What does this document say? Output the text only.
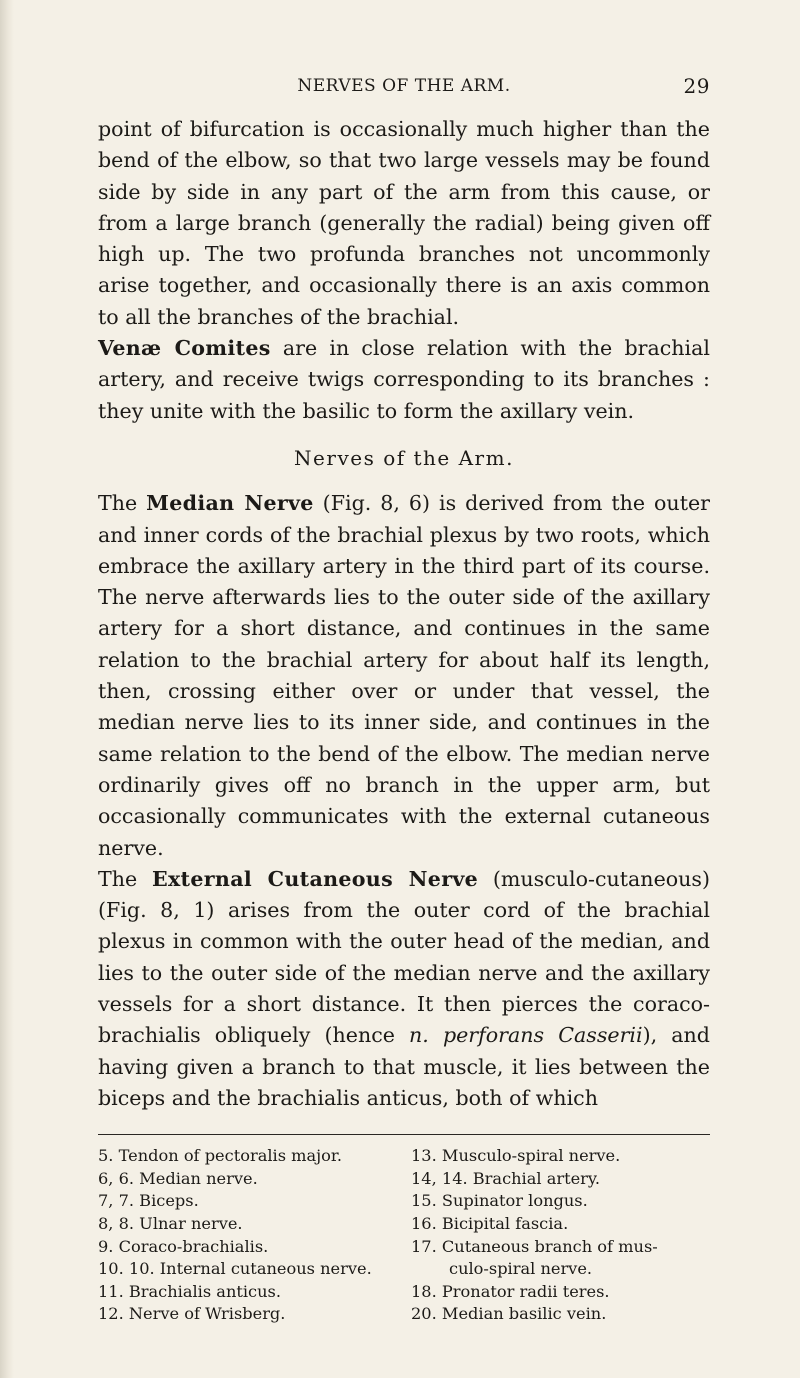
NERVES OF THE ARM.	29

point of bifurcation is occasionally much higher than the bend of the elbow, so that two large vessels may be found side by side in any part of the arm from this cause, or from a large branch (generally the radial) being given off high up. The two profunda branches not uncommonly arise together, and occasionally there is an axis common to all the branches of the brachial.

Venæ Comites are in close relation with the brachial artery, and receive twigs corresponding to its branches : they unite with the basilic to form the axillary vein.

Nerves of the Arm.

The Median Nerve (Fig. 8, 6) is derived from the outer and inner cords of the brachial plexus by two roots, which embrace the axillary artery in the third part of its course. The nerve afterwards lies to the outer side of the axillary artery for a short distance, and continues in the same relation to the brachial artery for about half its length, then, crossing either over or under that vessel, the median nerve lies to its inner side, and continues in the same relation to the bend of the elbow. The median nerve ordinarily gives off no branch in the upper arm, but occasionally communicates with the external cutaneous nerve.

The External Cutaneous Nerve (musculo-cutaneous) (Fig. 8, 1) arises from the outer cord of the brachial plexus in common with the outer head of the median, and lies to the outer side of the median nerve and the axillary vessels for a short distance. It then pierces the coraco-brachialis obliquely (hence n. perforans Casserii), and having given a branch to that muscle, it lies between the biceps and the brachialis anticus, both of which

5. Tendon of pectoralis major.
6, 6. Median nerve.
7, 7. Biceps.
8, 8. Ulnar nerve.
9. Coraco-brachialis.
10. 10. Internal cutaneous nerve.
11. Brachialis anticus.
12. Nerve of Wrisberg.
13. Musculo-spiral nerve.
14, 14. Brachial artery.
15. Supinator longus.
16. Bicipital fascia.
17. Cutaneous branch of mus-
culo-spiral nerve.
18. Pronator radii teres.
20. Median basilic vein.
